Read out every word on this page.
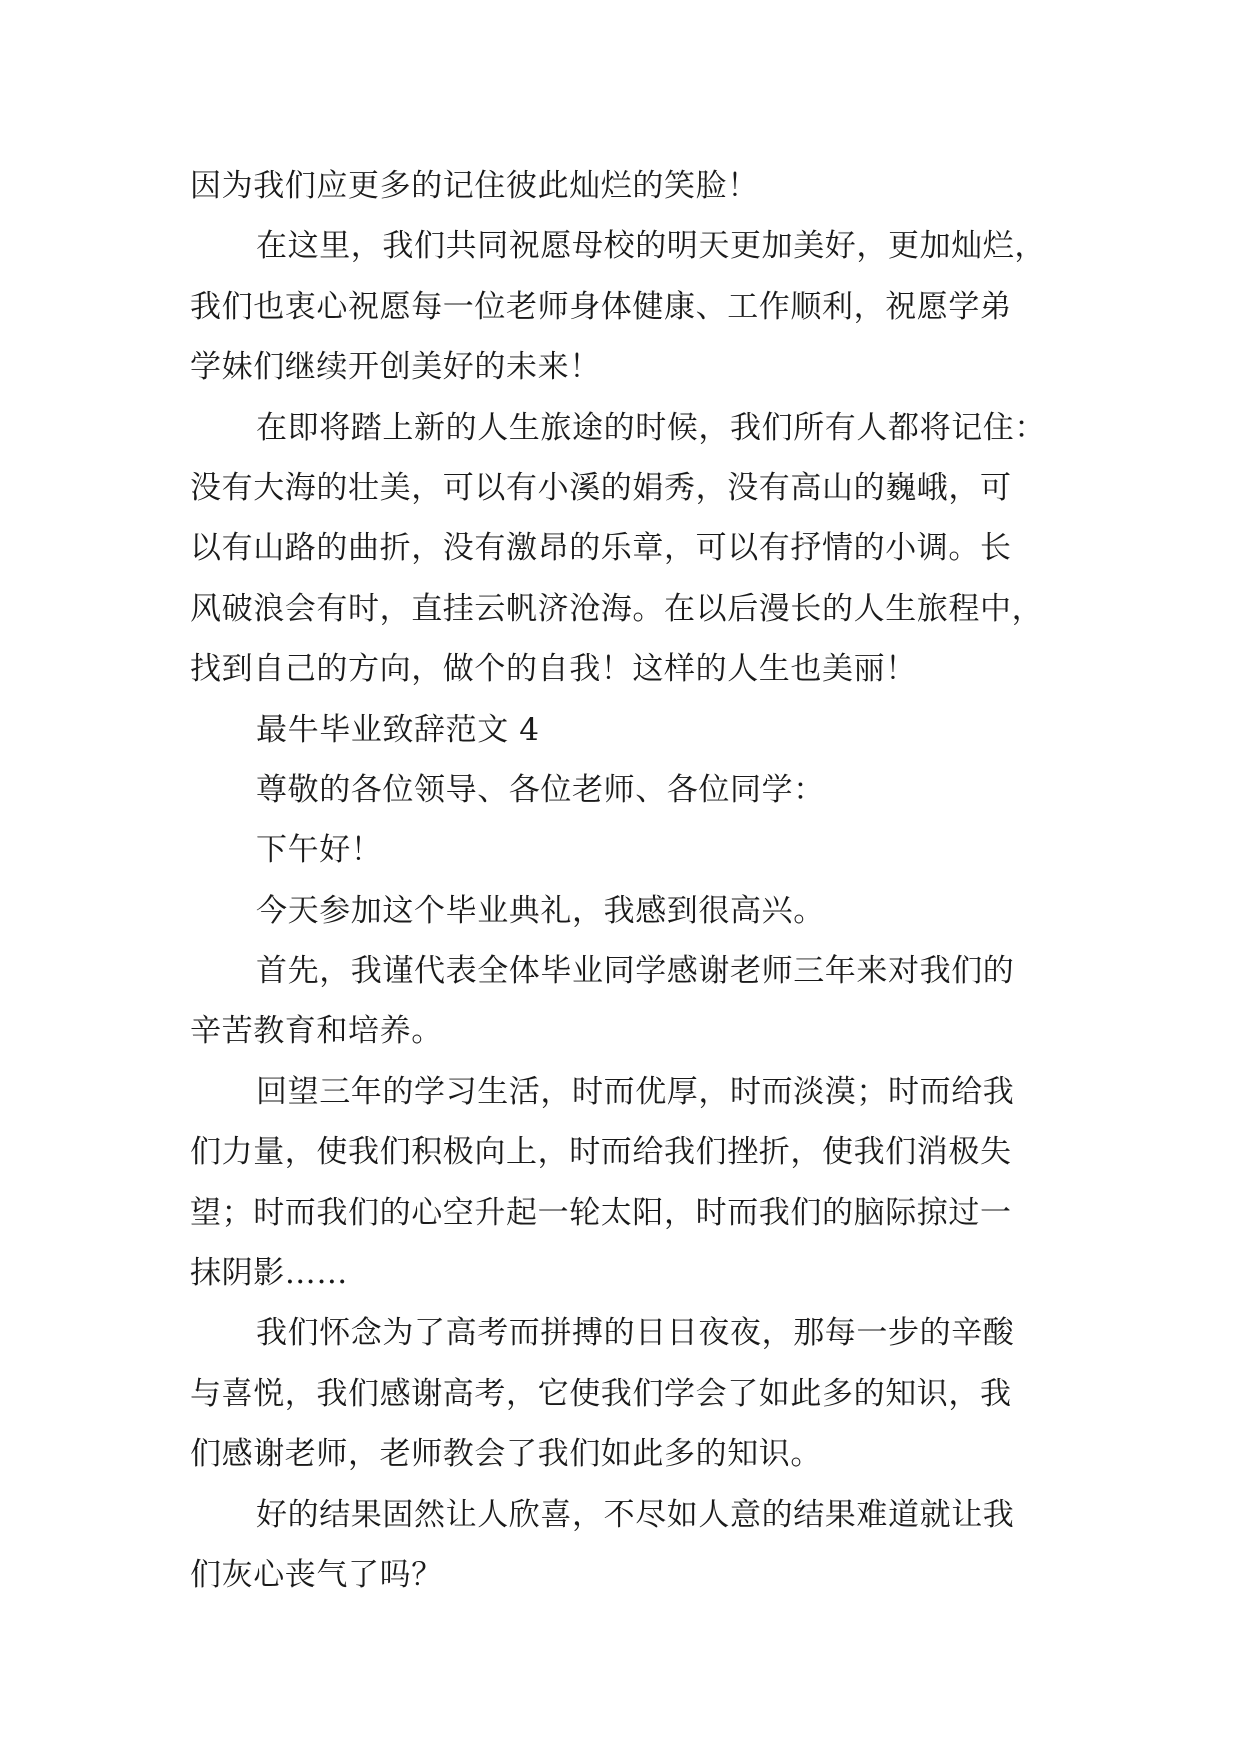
因为我们应更多的记住彼此灿烂的笑脸！
在这里，我们共同祝愿母校的明天更加美好，更加灿烂，
我们也衷心祝愿每一位老师身体健康、工作顺利，祝愿学弟
学妹们继续开创美好的未来！
在即将踏上新的人生旅途的时候，我们所有人都将记住：
没有大海的壮美，可以有小溪的娟秀，没有高山的巍峨，可
以有山路的曲折，没有激昂的乐章，可以有抒情的小调。长
风破浪会有时，直挂云帆济沧海。在以后漫长的人生旅程中，
找到自己的方向，做个的自我！这样的人生也美丽！
最牛毕业致辞范文 4
尊敬的各位领导、各位老师、各位同学：
下午好！
今天参加这个毕业典礼，我感到很高兴。
首先，我谨代表全体毕业同学感谢老师三年来对我们的
辛苦教育和培养。
回望三年的学习生活，时而优厚，时而淡漠；时而给我
们力量，使我们积极向上，时而给我们挫折，使我们消极失
望；时而我们的心空升起一轮太阳，时而我们的脑际掠过一
抹阴影……
我们怀念为了高考而拼搏的日日夜夜，那每一步的辛酸
与喜悦，我们感谢高考，它使我们学会了如此多的知识，我
们感谢老师，老师教会了我们如此多的知识。
好的结果固然让人欣喜，不尽如人意的结果难道就让我
们灰心丧气了吗？
